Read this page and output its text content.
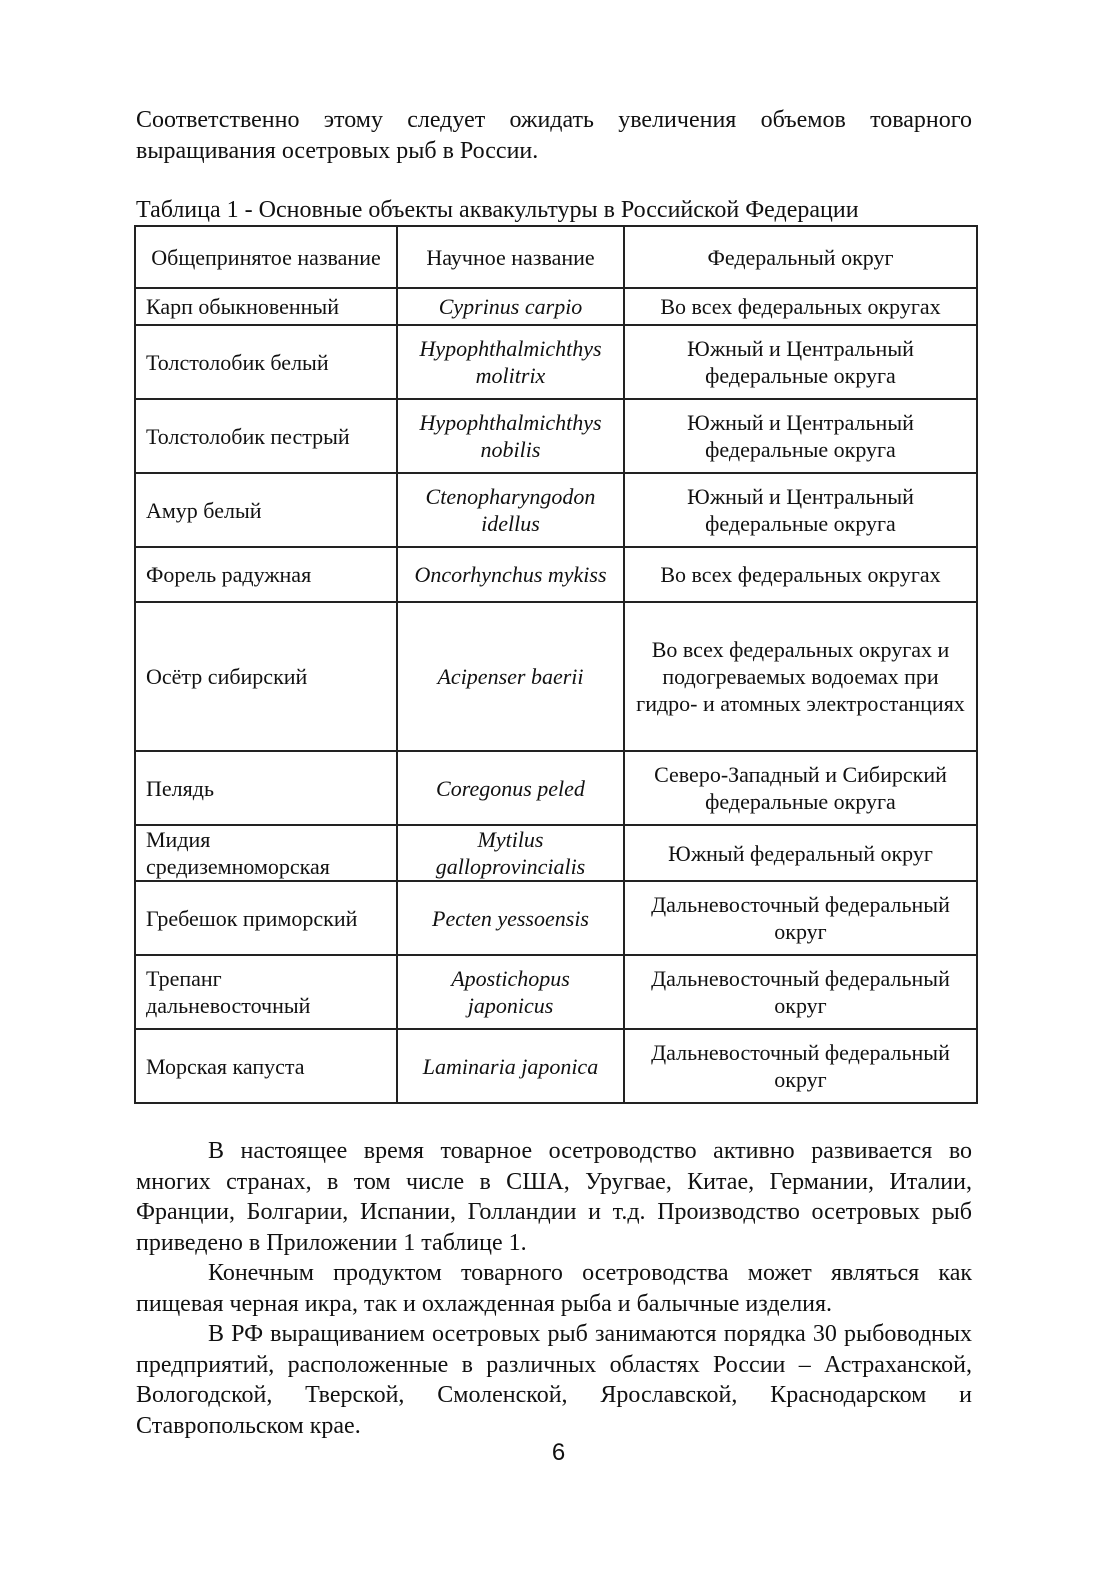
Соответственно этому следует ожидать увеличения объемов товарного выращивания осетровых рыб в России.

Таблица 1 - Основные объекты аквакультуры в Российской Федерации

Общепринятое название	Научное название	Федеральный округ
Карп обыкновенный	Cyprinus carpio	Во всех федеральных округах
Толстолобик белый	Hypophthalmichthys molitrix	Южный и Центральный федеральные округа
Толстолобик пестрый	Hypophthalmichthys nobilis	Южный и Центральный федеральные округа
Амур белый	Ctenopharyngodon idellus	Южный и Центральный федеральные округа
Форель радужная	Oncorhynchus mykiss	Во всех федеральных округах
Осётр сибирский	Acipenser baerii	Во всех федеральных округах и подогреваемых водоемах при гидро- и атомных электростанциях
Пелядь	Coregonus peled	Северо-Западный и Сибирский федеральные округа
Мидия средиземноморская	Mytilus galloprovincialis	Южный федеральный округ
Гребешок приморский	Pecten yessoensis	Дальневосточный федеральный округ
Трепанг дальневосточный	Apostichopus japonicus	Дальневосточный федеральный округ
Морская капуста	Laminaria japonica	Дальневосточный федеральный округ

В настоящее время товарное осетроводство активно развивается во многих странах, в том числе в США, Уругвае, Китае, Германии, Италии, Франции, Болгарии, Испании, Голландии и т.д. Производство осетровых рыб приведено в Приложении 1 таблице 1.

Конечным продуктом товарного осетроводства может являться как пищевая черная икра, так и охлажденная рыба и балычные изделия.

В РФ выращиванием осетровых рыб занимаются порядка 30 рыбоводных предприятий, расположенные в различных областях России – Астраханской, Вологодской, Тверской, Смоленской, Ярославской, Краснодарском и Ставропольском крае.

6
